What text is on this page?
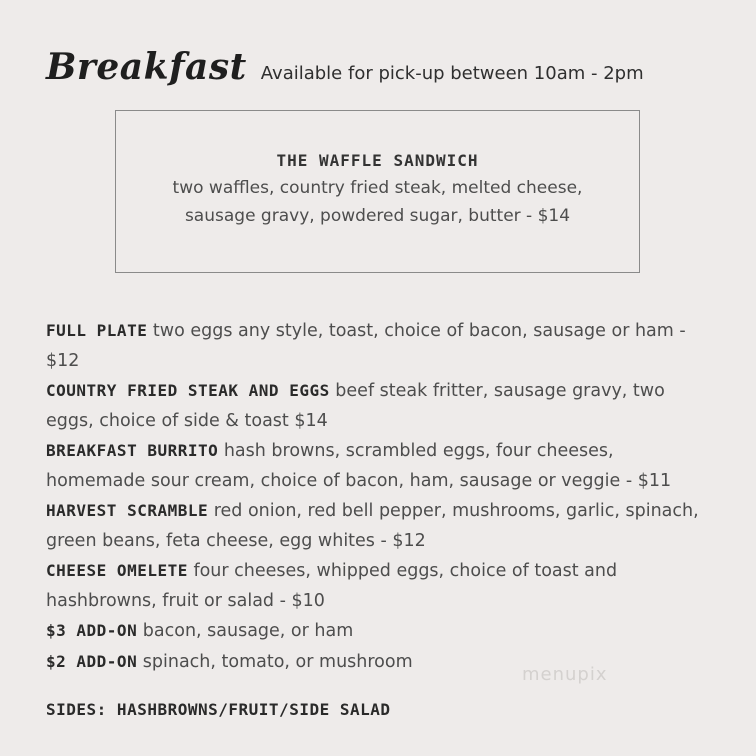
Breakfast Available for pick-up between 10am - 2pm
THE WAFFLE SANDWICH
two waffles, country fried steak, melted cheese,
sausage gravy, powdered sugar, butter - $14
FULL PLATE two eggs any style, toast, choice of bacon, sausage or ham - $12
COUNTRY FRIED STEAK AND EGGS beef steak fritter, sausage gravy, two eggs, choice of side & toast $14
BREAKFAST BURRITO hash browns, scrambled eggs, four cheeses, homemade sour cream, choice of bacon, ham, sausage or veggie - $11
HARVEST SCRAMBLE red onion, red bell pepper, mushrooms, garlic, spinach, green beans, feta cheese, egg whites - $12
CHEESE OMELETE four cheeses, whipped eggs, choice of toast and hashbrowns, fruit or salad - $10
$3 ADD-ON bacon, sausage, or ham
$2 ADD-ON spinach, tomato, or mushroom
menupix
SIDES: HASHBROWNS/FRUIT/SIDE SALAD
